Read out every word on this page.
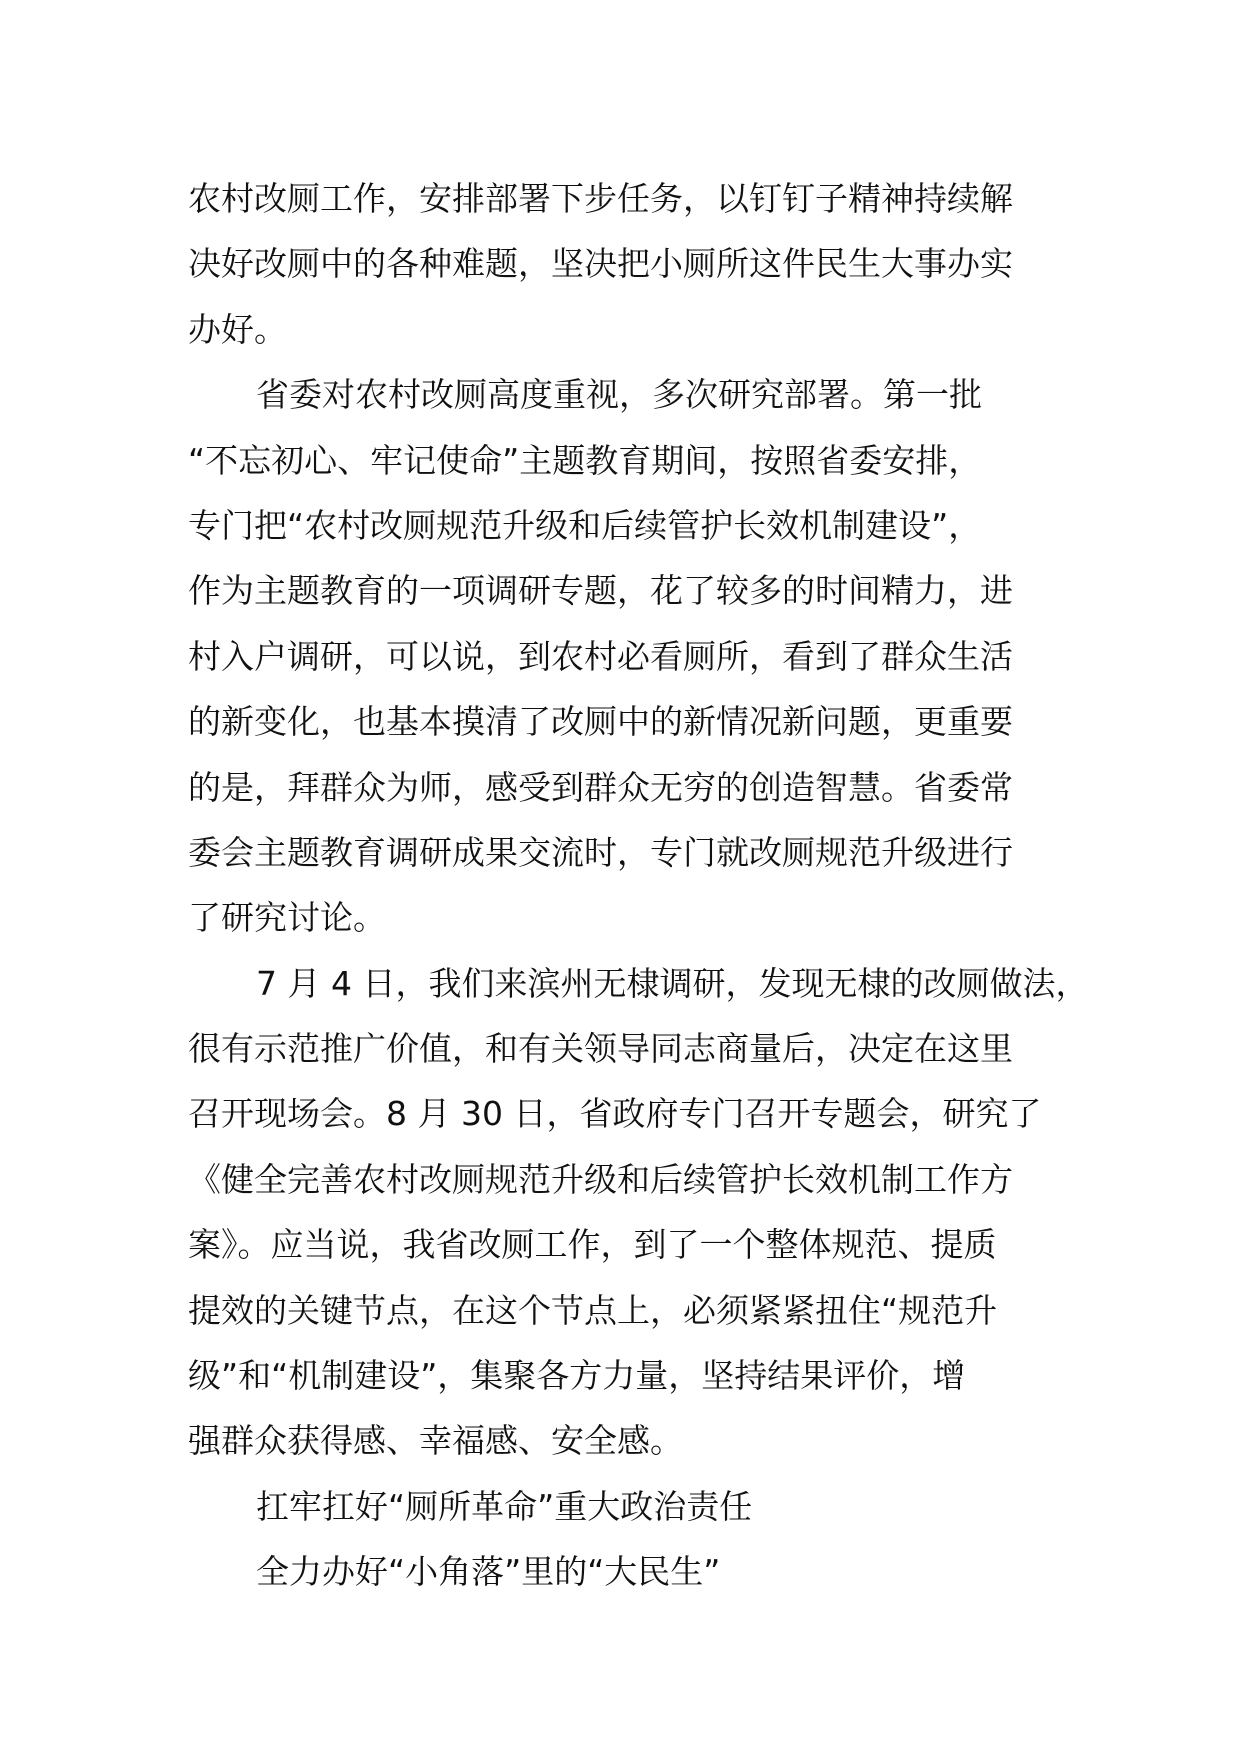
农村改厕工作，安排部署下步任务，以钉钉子精神持续解
决好改厕中的各种难题，坚决把小厕所这件民生大事办实
办好。
省委对农村改厕高度重视，多次研究部署。第一批
“不忘初心、牢记使命”主题教育期间，按照省委安排，
专门把“农村改厕规范升级和后续管护长效机制建设”，
作为主题教育的一项调研专题，花了较多的时间精力，进
村入户调研，可以说，到农村必看厕所，看到了群众生活
的新变化，也基本摸清了改厕中的新情况新问题，更重要
的是，拜群众为师，感受到群众无穷的创造智慧。省委常
委会主题教育调研成果交流时，专门就改厕规范升级进行
了研究讨论。
7 月 4 日，我们来滨州无棣调研，发现无棣的改厕做法，
很有示范推广价值，和有关领导同志商量后，决定在这里
召开现场会。8 月 30 日，省政府专门召开专题会，研究了
《健全完善农村改厕规范升级和后续管护长效机制工作方
案》。应当说，我省改厕工作，到了一个整体规范、提质
提效的关键节点，在这个节点上，必须紧紧扭住“规范升
级”和“机制建设”，集聚各方力量，坚持结果评价，增
强群众获得感、幸福感、安全感。
扛牢扛好“厕所革命”重大政治责任
全力办好“小角落”里的“大民生”
